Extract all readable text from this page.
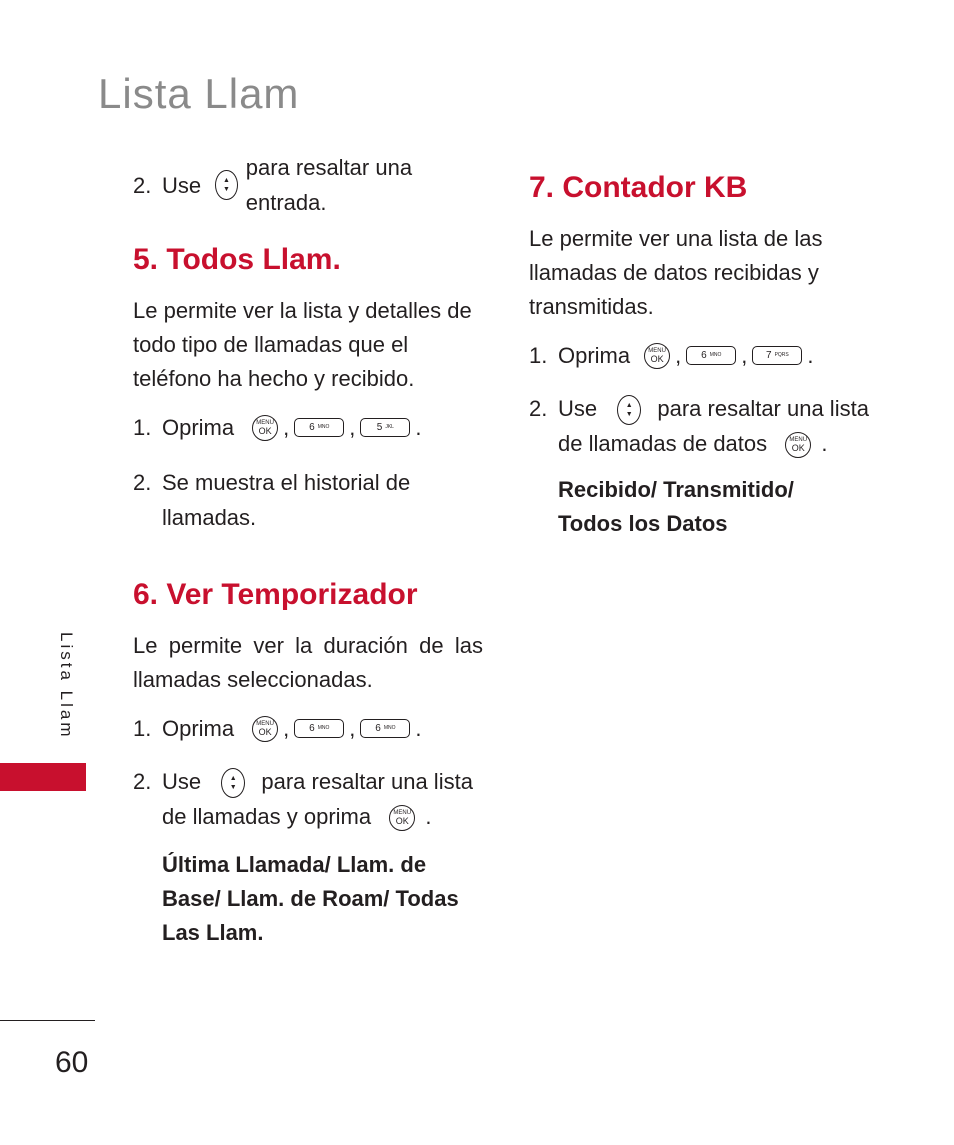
Lista Llam
2. Use	▲
▼
para resaltar una entrada.
5. Todos Llam.

Le permite ver la lista y detalles de todo tipo de llamadas que el teléfono ha hecho y recibido.

1. Oprima	MENU
OK , 6 MNO , 5 JKL .
2. Se muestra el historial de llamadas.
6. Ver Temporizador

Le permite ver la duración de las llamadas seleccionadas.

1. Oprima	MENU
OK , 6 MNO , 6 MNO .
2. Use	▲
▼ para resaltar una lista de llamadas y oprima	MENU
OK .

Última Llamada/ Llam. de Base/ Llam. de Roam/ Todas Las Llam.

7. Contador KB

Le permite ver una lista de las llamadas de datos recibidas y transmitidas.

1. Oprima	MENU
OK , 6 MNO , 7 PQRS .
2. Use	▲
▼ para resaltar una lista de llamadas de datos	MENU
OK .

Recibido/ Transmitido/
Todos los Datos

Lista Llam
60
